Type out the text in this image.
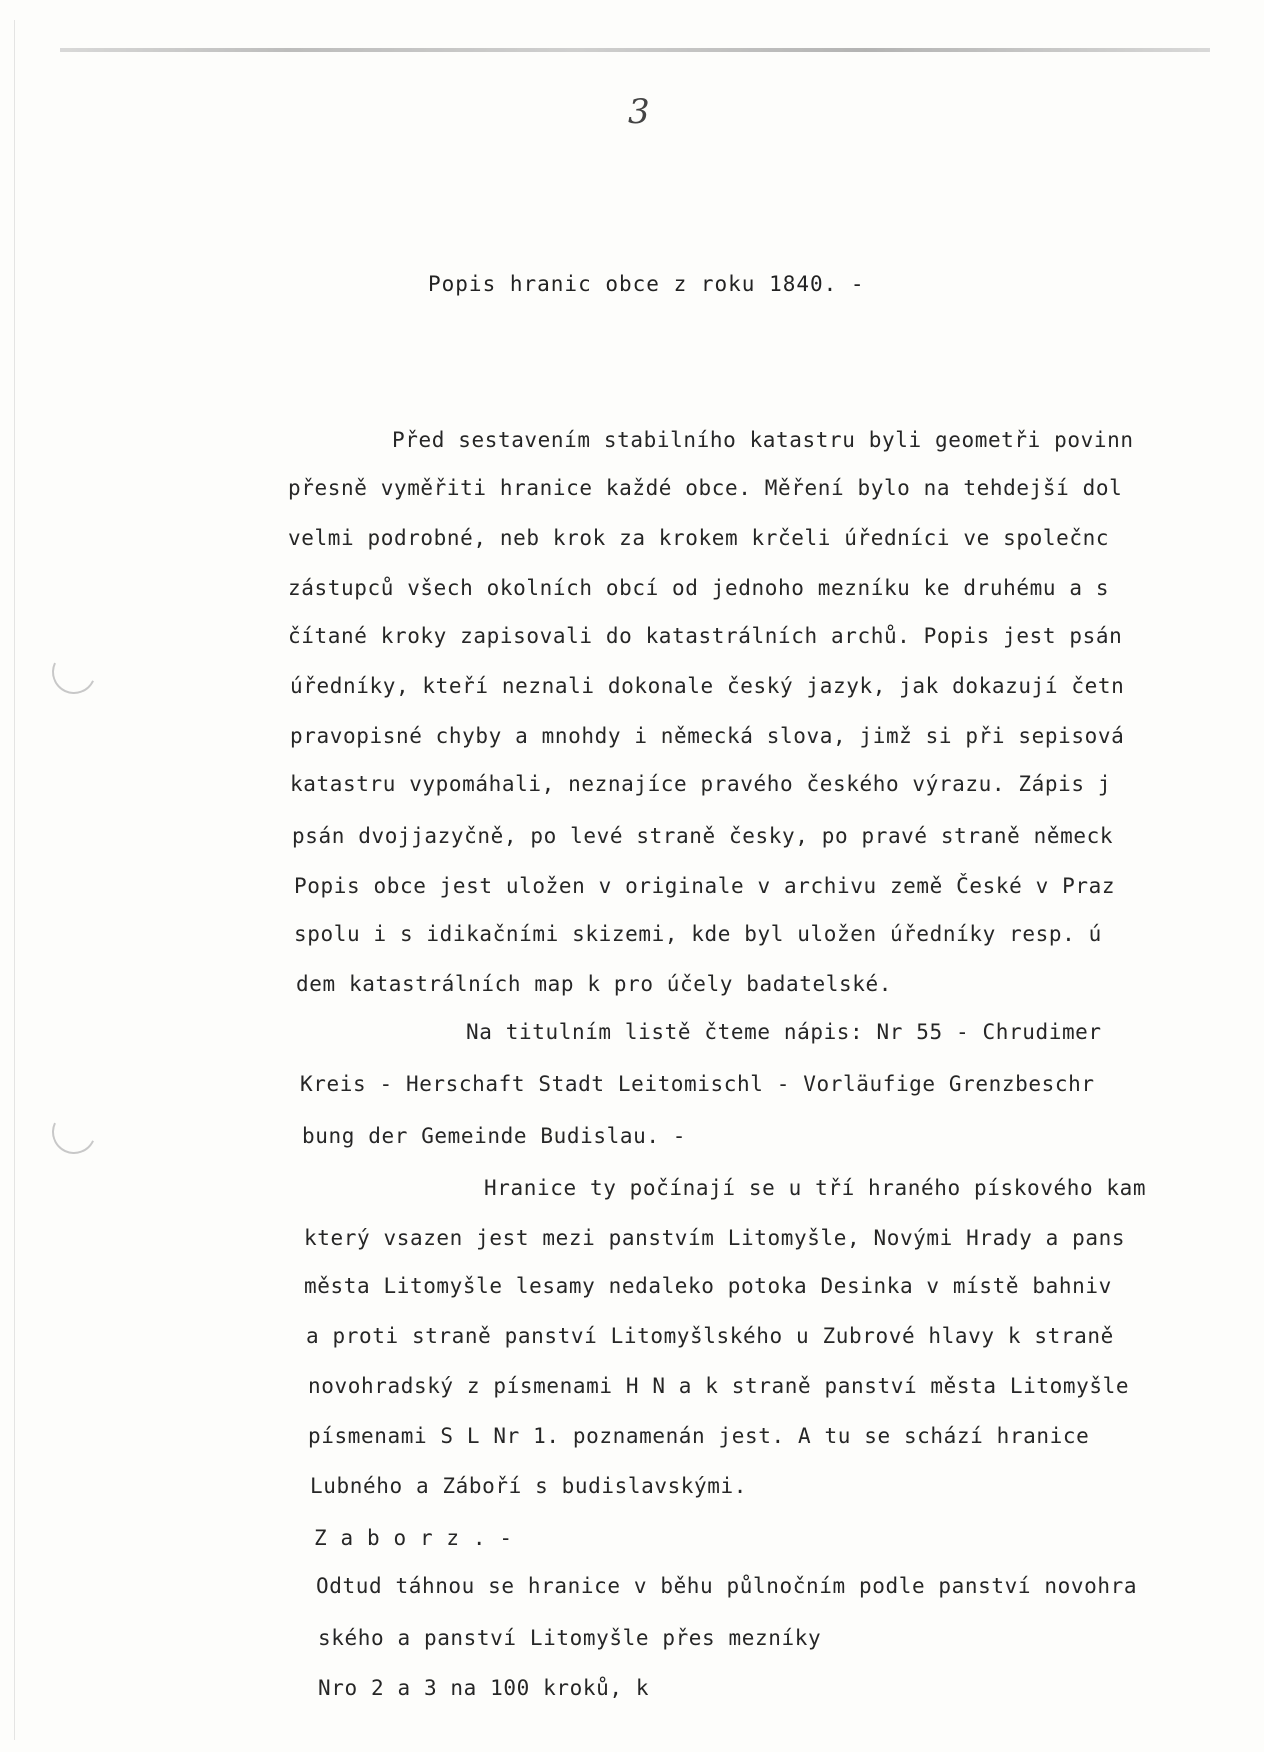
3
Popis hranic obce z roku 1840. -
Před sestavením stabilního katastru byli geometři povinn
přesně vyměřiti hranice každé obce. Měření bylo na tehdejší dol
velmi podrobné, neb krok za krokem krčeli úředníci ve společnc
zástupců všech okolních obcí od jednoho mezníku ke druhému a s
čítané kroky zapisovali do katastrálních archů. Popis jest psán
úředníky, kteří neznali dokonale český jazyk, jak dokazují četn
pravopisné chyby a mnohdy i německá slova, jimž si při sepisová
katastru vypomáhali, neznajíce pravého českého výrazu. Zápis j
psán dvojjazyčně, po levé straně česky, po pravé straně německ
Popis obce jest uložen v originale v archivu země České v Praz
spolu i s idikačními skizemi, kde byl uložen úředníky resp. ú
dem katastrálních map k pro účely badatelské.
Na titulním listě čteme nápis: Nr 55 - Chrudimer
Kreis - Herschaft Stadt Leitomischl - Vorläufige Grenzbeschr
bung der Gemeinde Budislau. -
Hranice ty počínají se u tří hraného pískového kam
který vsazen jest mezi panstvím Litomyšle, Novými Hrady a pans
města Litomyšle lesamy nedaleko potoka Desinka v místě bahniv
a proti straně panství Litomyšlského u Zubrové hlavy k straně
novohradský z písmenami H N a k straně panství města Litomyšle
písmenami S L Nr 1. poznamenán jest. A tu se schází hranice
Lubného a Záboří s budislavskými.
Z a b o r z . -
Odtud táhnou se hranice v běhu půlnočním podle panství novohra
ského a panství Litomyšle přes mezníky
Nro 2 a 3 na 100 kroků, k
